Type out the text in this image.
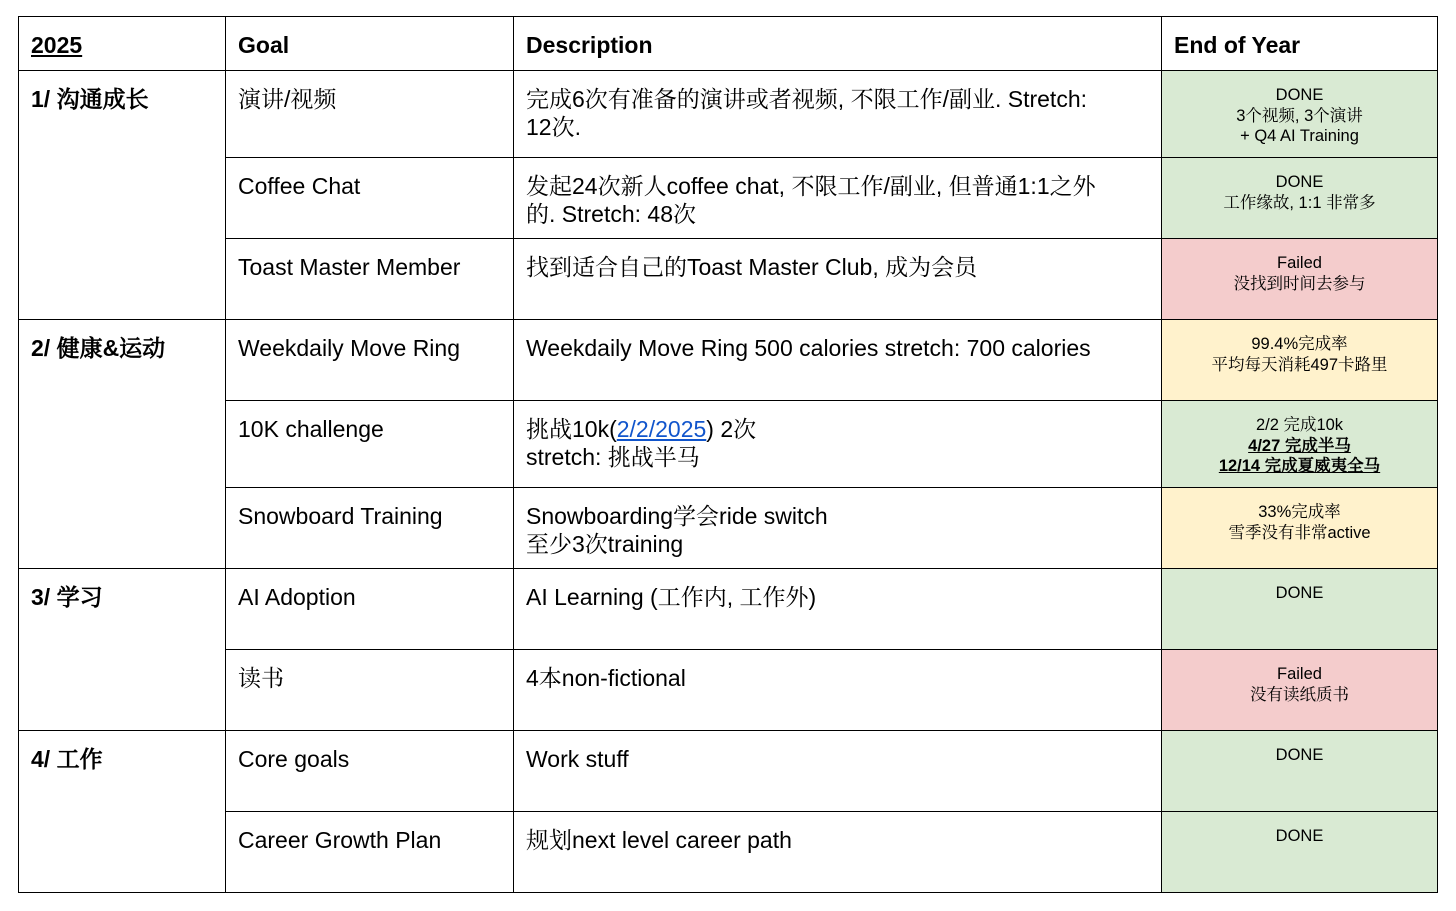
2025	Goal	Description	End of Year
1/ 沟通成长	演讲/视频	完成6次有准备的演讲或者视频, 不限工作/副业. Stretch:
12次.	DONE
3个视频, 3个演讲
+ Q4 AI Training

	Coffee Chat	发起24次新人coffee chat, 不限工作/副业, 但普通1:1之外
的. Stretch: 48次	DONE
工作缘故, 1:1 非常多

	Toast Master Member	找到适合自己的Toast Master Club, 成为会员	Failed
没找到时间去参与

2/ 健康&运动	Weekdaily Move Ring	Weekdaily Move Ring 500 calories stretch: 700 calories	99.4%完成率
平均每天消耗497卡路里

	10K challenge	挑战10k(2/2/2025) 2次
stretch: 挑战半马	2/2 完成10k
4/27 完成半马
12/14 完成夏威夷全马

	Snowboard Training	Snowboarding学会ride switch
至少3次training	33%完成率
雪季没有非常active

3/ 学习	AI Adoption	AI Learning (工作内, 工作外)	DONE

	读书	4本non-fictional	Failed
没有读纸质书

4/ 工作	Core goals	Work stuff	DONE

	Career Growth Plan	规划next level career path	DONE
